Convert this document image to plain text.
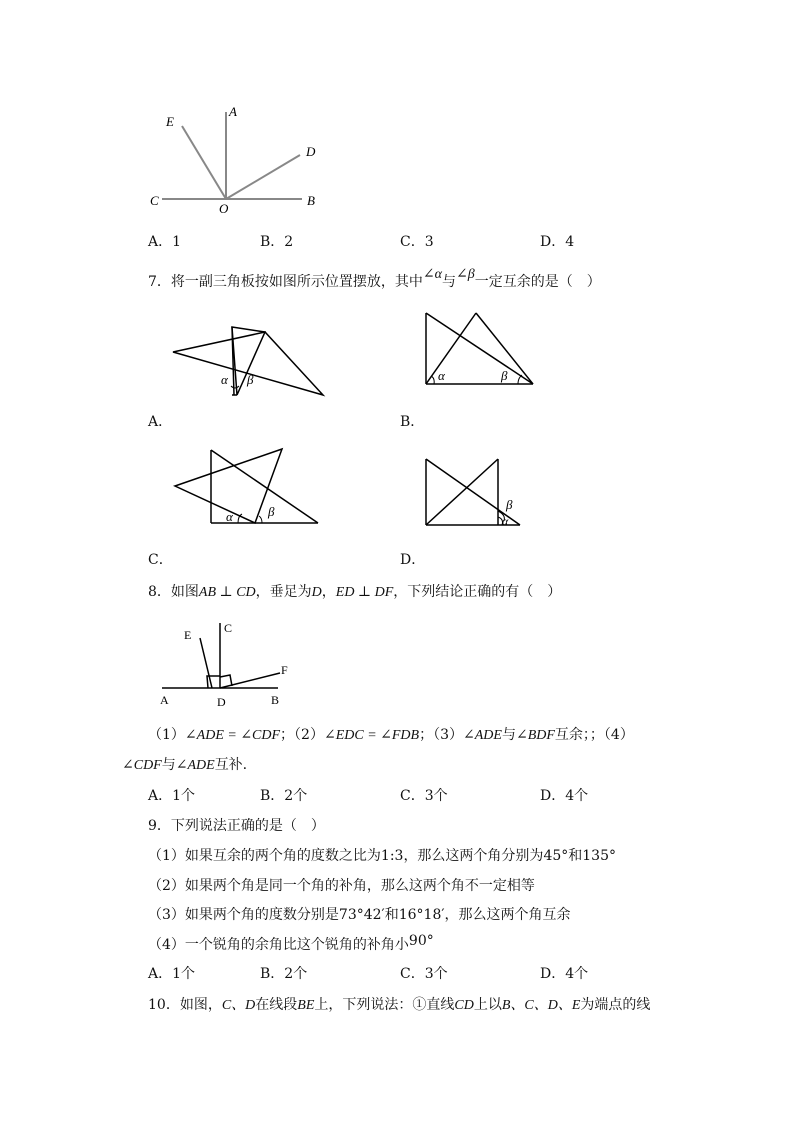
E
A
D
C
O
B
A．1	B．2	C．3	D．4
7．将一副三角板按如图所示位置摆放，其中∠α与∠β一定互余的是（　）
α β
A．
α	β
B．
α	β
C．
β
α
D．
8．如图AB ⊥ CD，垂足为D，ED ⊥ DF，下列结论正确的有（　）
E	C
F
A	D	B
（1）∠ADE = ∠CDF；（2）∠EDC = ∠FDB；（3）∠ADE与∠BDF互余；；（4）
∠CDF与∠ADE互补.
A．1个	B．2个	C．3个	D．4个
9．下列说法正确的是（　）
（1）如果互余的两个角的度数之比为1:3，那么这两个角分别为45°和135°
（2）如果两个角是同一个角的补角，那么这两个角不一定相等
（3）如果两个角的度数分别是73°42′和16°18′，那么这两个角互余
（4）一个锐角的余角比这个锐角的补角小90°
A．1个	B．2个	C．3个	D．4个
10．如图，C、D在线段BE上，下列说法：①直线CD上以B、C、D、E为端点的线
